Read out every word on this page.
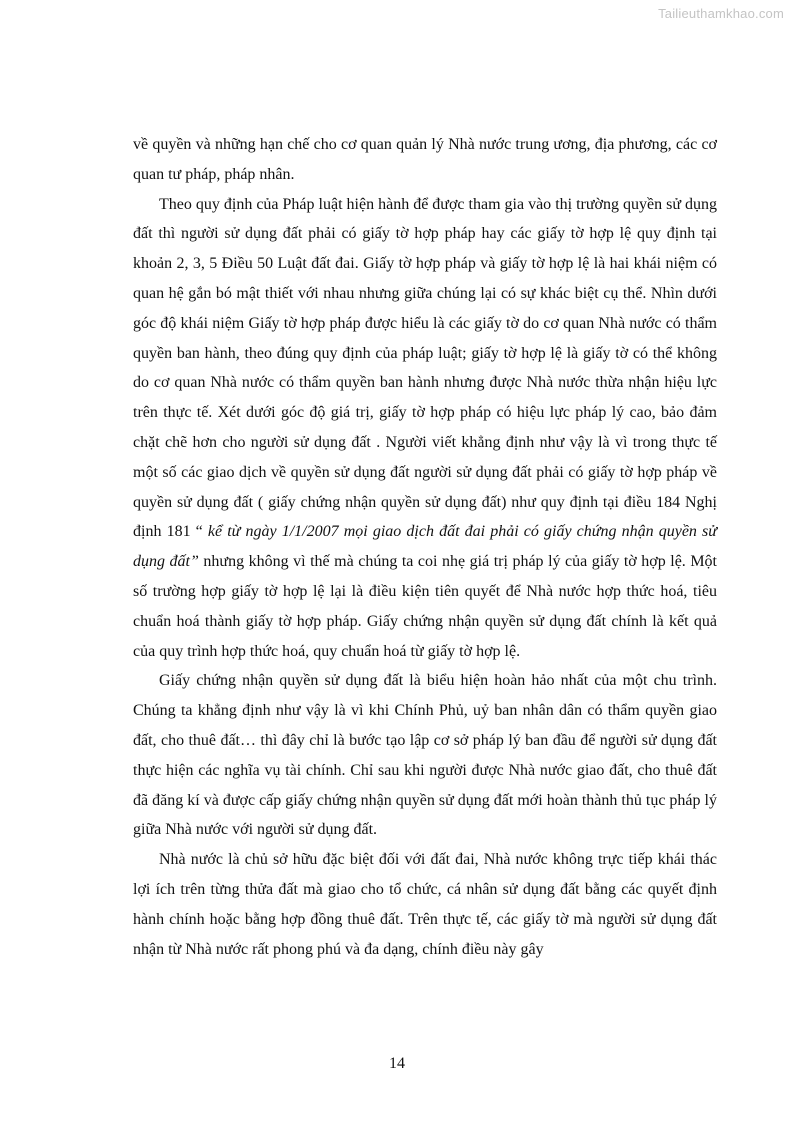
Tailieuthamkhao.com

về quyền và những hạn chế cho cơ quan quản lý Nhà nước trung ương, địa phương, các cơ quan tư pháp, pháp nhân.

Theo quy định của Pháp luật hiện hành để được tham gia vào thị trường quyền sử dụng đất thì người sử dụng đất phải có giấy tờ hợp pháp hay các giấy tờ hợp lệ quy định tại khoản 2, 3, 5 Điều 50 Luật đất đai. Giấy tờ hợp pháp và giấy tờ hợp lệ là hai khái niệm có quan hệ gắn bó mật thiết với nhau nhưng giữa chúng lại có sự khác biệt cụ thể. Nhìn dưới góc độ khái niệm Giấy tờ hợp pháp được hiểu là các giấy tờ do cơ quan Nhà nước có thẩm quyền ban hành, theo đúng quy định của pháp luật; giấy tờ hợp lệ là giấy tờ có thể không do cơ quan Nhà nước có thẩm quyền ban hành nhưng được Nhà nước thừa nhận hiệu lực trên thực tế. Xét dưới góc độ giá trị, giấy tờ hợp pháp có hiệu lực pháp lý cao, bảo đảm chặt chẽ hơn cho người sử dụng đất . Người viết khẳng định như vậy là vì trong thực tế một số các giao dịch về quyền sử dụng đất người sử dụng đất phải có giấy tờ hợp pháp về quyền sử dụng đất ( giấy chứng nhận quyền sử dụng đất) như quy định tại điều 184 Nghị định 181 “ kể từ ngày 1/1/2007 mọi giao dịch đất đai phải có giấy chứng nhận quyền sử dụng đất” nhưng không vì thế mà chúng ta coi nhẹ giá trị pháp lý của giấy tờ hợp lệ. Một số trường hợp giấy tờ hợp lệ lại là điều kiện tiên quyết để Nhà nước hợp thức hoá, tiêu chuẩn hoá thành giấy tờ hợp pháp. Giấy chứng nhận quyền sử dụng đất chính là kết quả của quy trình hợp thức hoá, quy chuẩn hoá từ giấy tờ hợp lệ.

Giấy chứng nhận quyền sử dụng đất là biểu hiện hoàn hảo nhất của một chu trình. Chúng ta khẳng định như vậy là vì khi Chính Phủ, uỷ ban nhân dân có thẩm quyền giao đất, cho thuê đất… thì đây chỉ là bước tạo lập cơ sở pháp lý ban đầu để người sử dụng đất thực hiện các nghĩa vụ tài chính. Chỉ sau khi người được Nhà nước giao đất, cho thuê đất đã đăng kí và được cấp giấy chứng nhận quyền sử dụng đất mới hoàn thành thủ tục pháp lý giữa Nhà nước với người sử dụng đất.

Nhà nước là chủ sở hữu đặc biệt đối với đất đai, Nhà nước không trực tiếp khái thác lợi ích trên từng thửa đất mà giao cho tổ chức, cá nhân sử dụng đất bằng các quyết định hành chính hoặc bằng hợp đồng thuê đất. Trên thực tế, các giấy tờ mà người sử dụng đất nhận từ Nhà nước rất phong phú và đa dạng, chính điều này gây

14
